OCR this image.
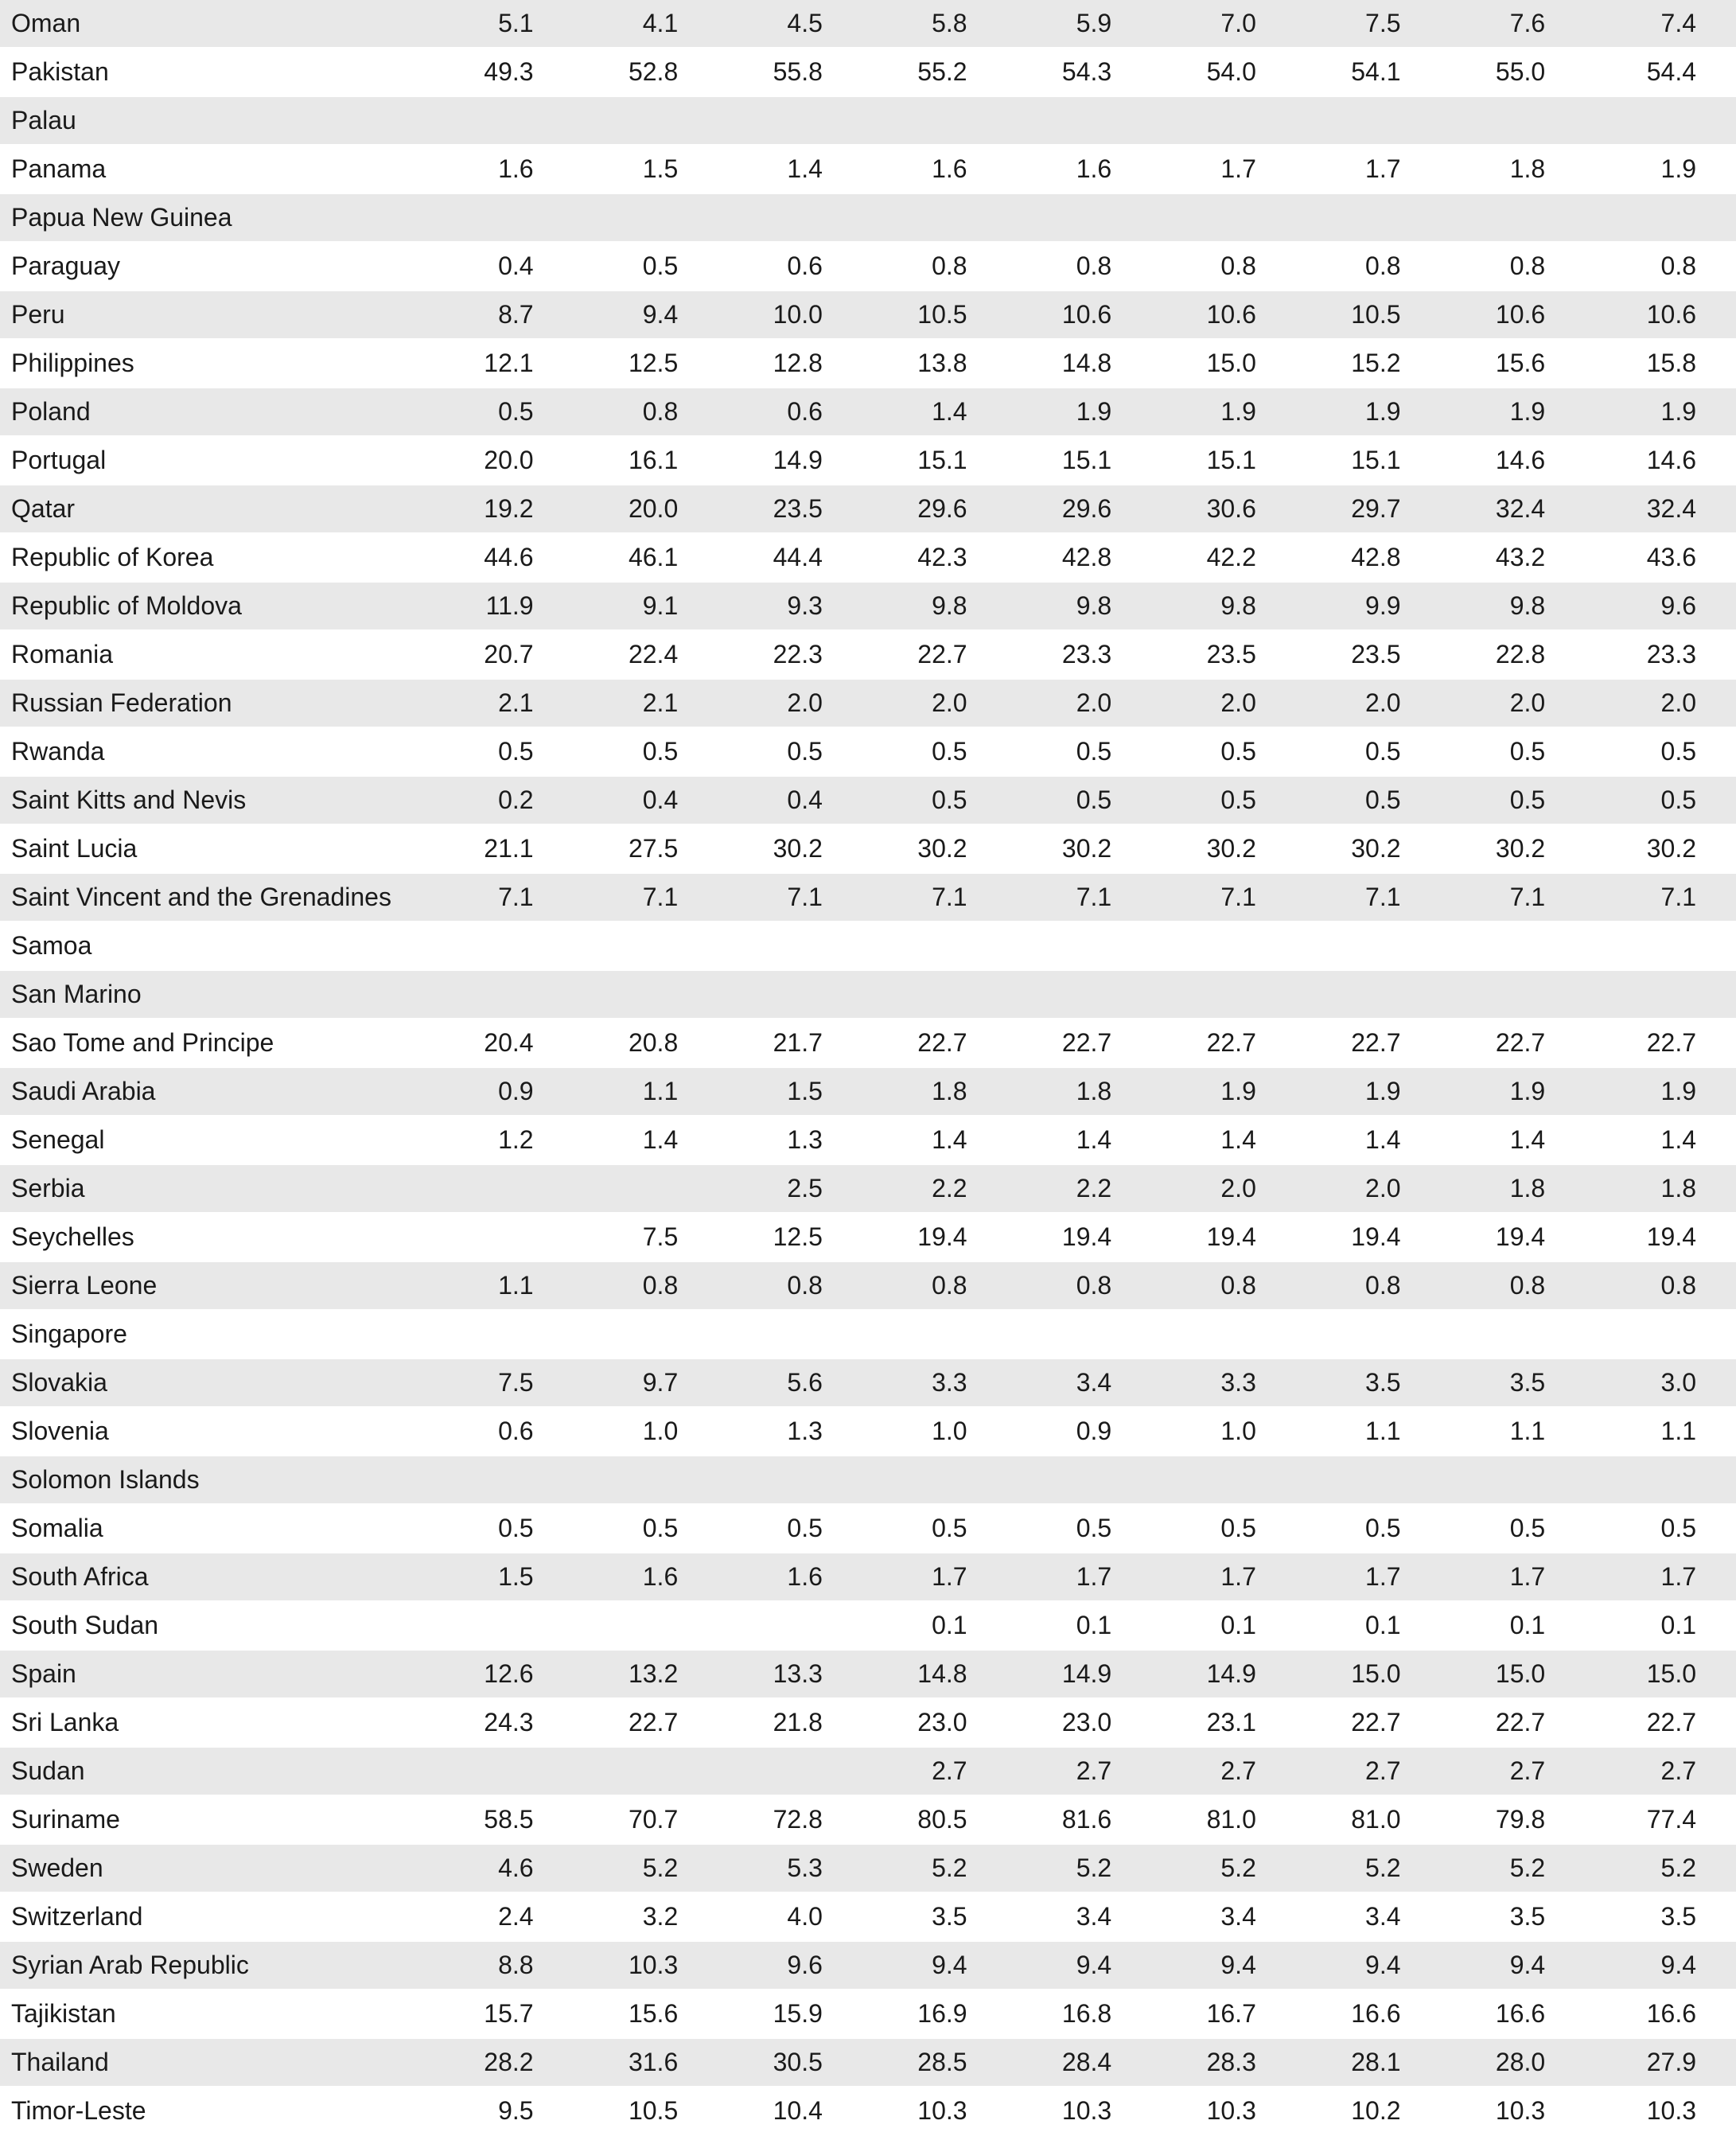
Oman	5.1	4.1	4.5	5.8	5.9	7.0	7.5	7.6	7.4
Pakistan	49.3	52.8	55.8	55.2	54.3	54.0	54.1	55.0	54.4
Palau									
Panama	1.6	1.5	1.4	1.6	1.6	1.7	1.7	1.8	1.9
Papua New Guinea									
Paraguay	0.4	0.5	0.6	0.8	0.8	0.8	0.8	0.8	0.8
Peru	8.7	9.4	10.0	10.5	10.6	10.6	10.5	10.6	10.6
Philippines	12.1	12.5	12.8	13.8	14.8	15.0	15.2	15.6	15.8
Poland	0.5	0.8	0.6	1.4	1.9	1.9	1.9	1.9	1.9
Portugal	20.0	16.1	14.9	15.1	15.1	15.1	15.1	14.6	14.6
Qatar	19.2	20.0	23.5	29.6	29.6	30.6	29.7	32.4	32.4
Republic of Korea	44.6	46.1	44.4	42.3	42.8	42.2	42.8	43.2	43.6
Republic of Moldova	11.9	9.1	9.3	9.8	9.8	9.8	9.9	9.8	9.6
Romania	20.7	22.4	22.3	22.7	23.3	23.5	23.5	22.8	23.3
Russian Federation	2.1	2.1	2.0	2.0	2.0	2.0	2.0	2.0	2.0
Rwanda	0.5	0.5	0.5	0.5	0.5	0.5	0.5	0.5	0.5
Saint Kitts and Nevis	0.2	0.4	0.4	0.5	0.5	0.5	0.5	0.5	0.5
Saint Lucia	21.1	27.5	30.2	30.2	30.2	30.2	30.2	30.2	30.2
Saint Vincent and the Grenadines	7.1	7.1	7.1	7.1	7.1	7.1	7.1	7.1	7.1
Samoa									
San Marino									
Sao Tome and Principe	20.4	20.8	21.7	22.7	22.7	22.7	22.7	22.7	22.7
Saudi Arabia	0.9	1.1	1.5	1.8	1.8	1.9	1.9	1.9	1.9
Senegal	1.2	1.4	1.3	1.4	1.4	1.4	1.4	1.4	1.4
Serbia			2.5	2.2	2.2	2.0	2.0	1.8	1.8
Seychelles		7.5	12.5	19.4	19.4	19.4	19.4	19.4	19.4
Sierra Leone	1.1	0.8	0.8	0.8	0.8	0.8	0.8	0.8	0.8
Singapore									
Slovakia	7.5	9.7	5.6	3.3	3.4	3.3	3.5	3.5	3.0
Slovenia	0.6	1.0	1.3	1.0	0.9	1.0	1.1	1.1	1.1
Solomon Islands									
Somalia	0.5	0.5	0.5	0.5	0.5	0.5	0.5	0.5	0.5
South Africa	1.5	1.6	1.6	1.7	1.7	1.7	1.7	1.7	1.7
South Sudan				0.1	0.1	0.1	0.1	0.1	0.1
Spain	12.6	13.2	13.3	14.8	14.9	14.9	15.0	15.0	15.0
Sri Lanka	24.3	22.7	21.8	23.0	23.0	23.1	22.7	22.7	22.7
Sudan				2.7	2.7	2.7	2.7	2.7	2.7
Suriname	58.5	70.7	72.8	80.5	81.6	81.0	81.0	79.8	77.4
Sweden	4.6	5.2	5.3	5.2	5.2	5.2	5.2	5.2	5.2
Switzerland	2.4	3.2	4.0	3.5	3.4	3.4	3.4	3.5	3.5
Syrian Arab Republic	8.8	10.3	9.6	9.4	9.4	9.4	9.4	9.4	9.4
Tajikistan	15.7	15.6	15.9	16.9	16.8	16.7	16.6	16.6	16.6
Thailand	28.2	31.6	30.5	28.5	28.4	28.3	28.1	28.0	27.9
Timor-Leste	9.5	10.5	10.4	10.3	10.3	10.3	10.2	10.3	10.3
